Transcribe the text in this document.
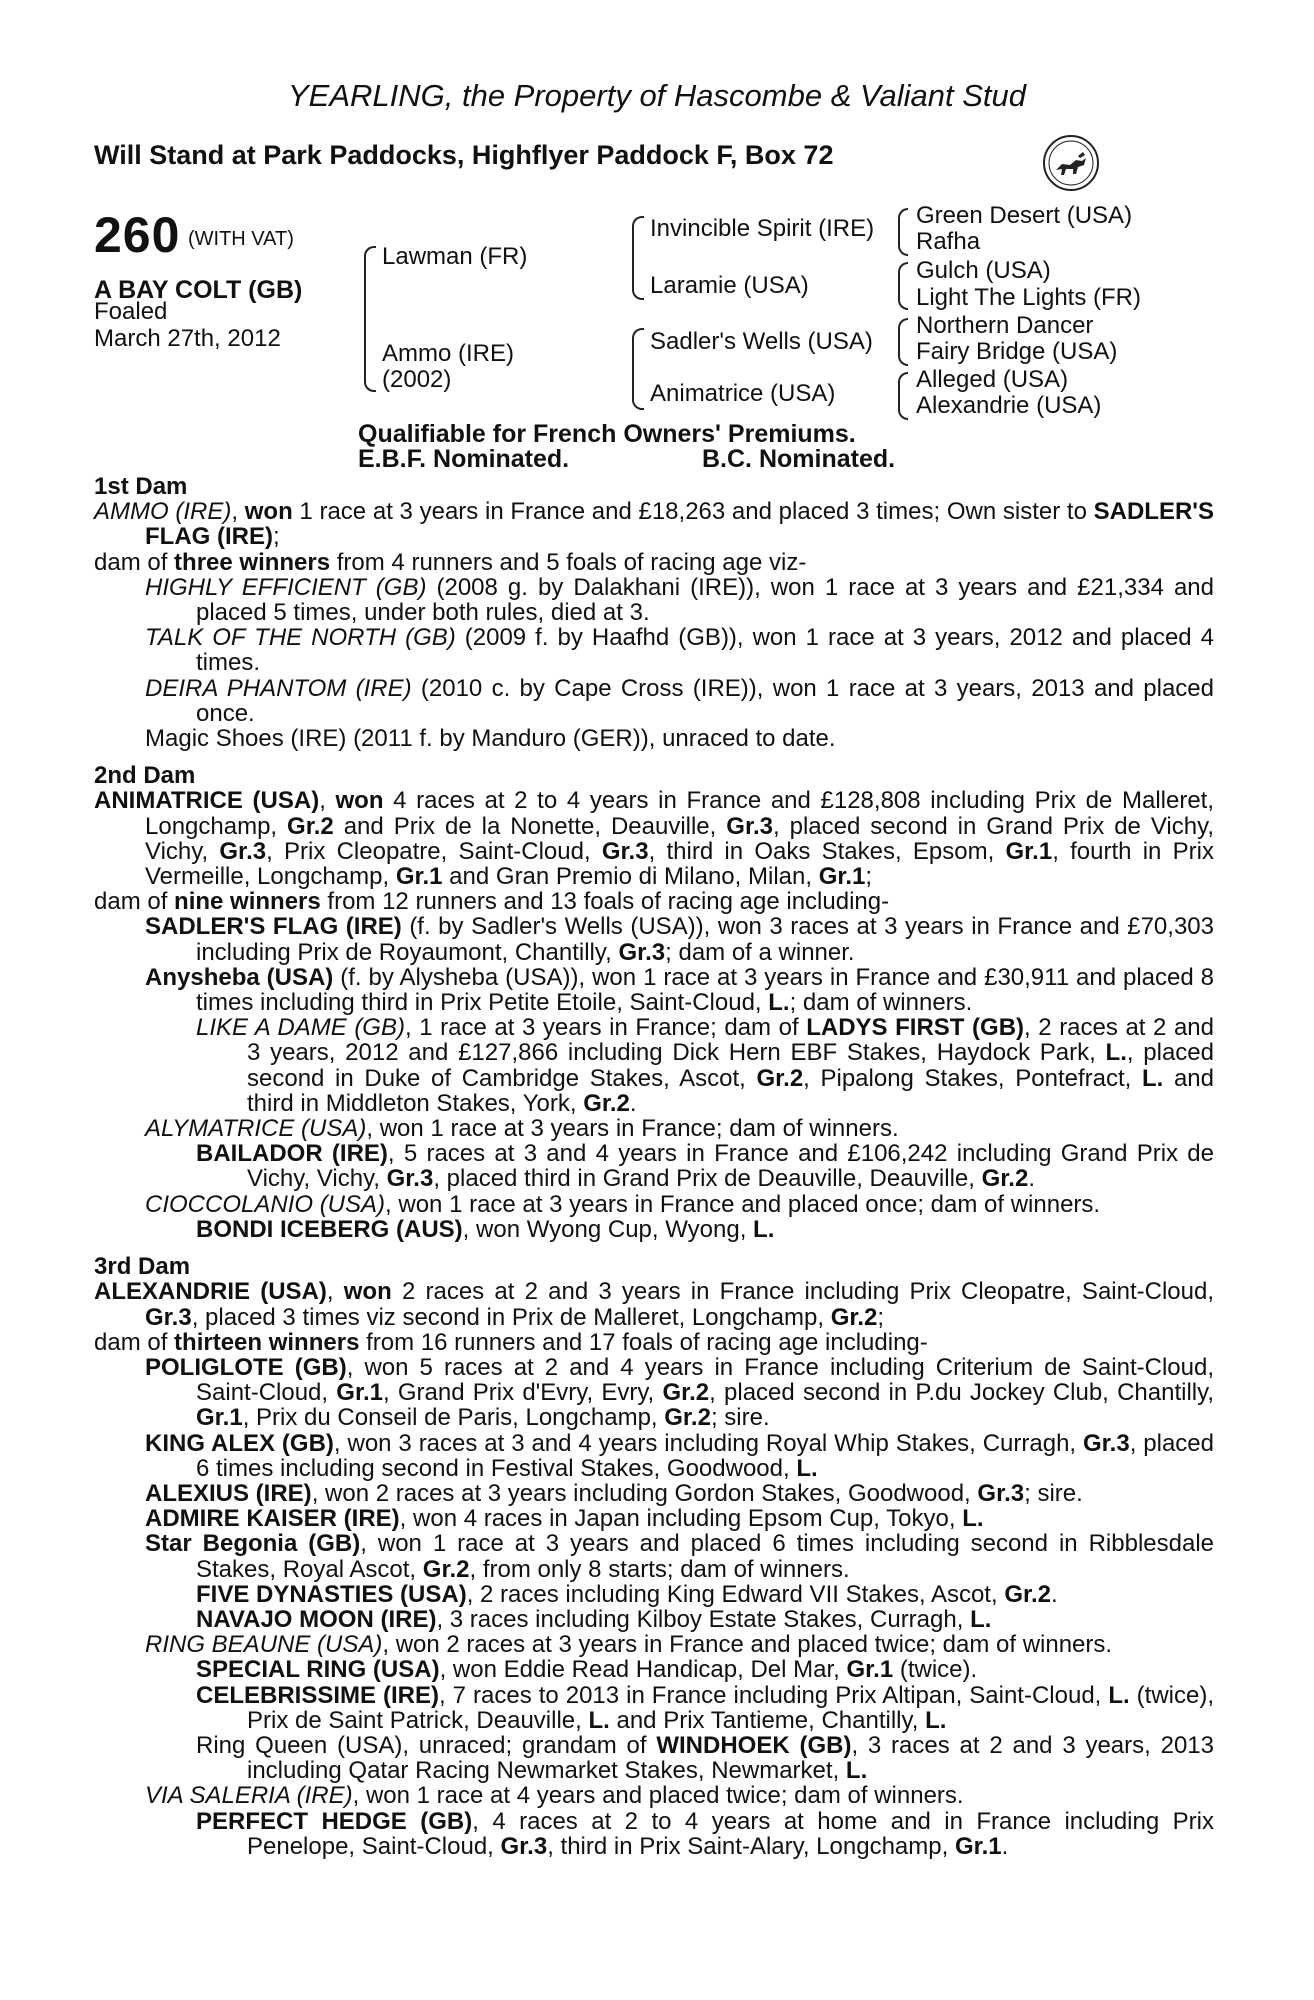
YEARLING, the Property of Hascombe & Valiant Stud
Will Stand at Park Paddocks, Highflyer Paddock F, Box 72
260 (WITH VAT)
A BAY COLT (GB)
Foaled
March 27th, 2012
Lawman (FR)
Ammo (IRE)
(2002)
Invincible Spirit (IRE)
Laramie (USA)
Sadler's Wells (USA)
Animatrice (USA)
Green Desert (USA)
Rafha
Gulch (USA)
Light The Lights (FR)
Northern Dancer
Fairy Bridge (USA)
Alleged (USA)
Alexandrie (USA)
Qualifiable for French Owners' Premiums.
E.B.F. Nominated.	B.C. Nominated.
1st Dam
AMMO (IRE), won 1 race at 3 years in France and £18,263 and placed 3 times; Own sister to SADLER'S FLAG (IRE);
dam of three winners from 4 runners and 5 foals of racing age viz-
HIGHLY EFFICIENT (GB) (2008 g. by Dalakhani (IRE)), won 1 race at 3 years and £21,334 and placed 5 times, under both rules, died at 3.
TALK OF THE NORTH (GB) (2009 f. by Haafhd (GB)), won 1 race at 3 years, 2012 and placed 4 times.
DEIRA PHANTOM (IRE) (2010 c. by Cape Cross (IRE)), won 1 race at 3 years, 2013 and placed once.
Magic Shoes (IRE) (2011 f. by Manduro (GER)), unraced to date.
2nd Dam
ANIMATRICE (USA), won 4 races at 2 to 4 years in France and £128,808 including Prix de Malleret, Longchamp, Gr.2 and Prix de la Nonette, Deauville, Gr.3, placed second in Grand Prix de Vichy, Vichy, Gr.3, Prix Cleopatre, Saint-Cloud, Gr.3, third in Oaks Stakes, Epsom, Gr.1, fourth in Prix Vermeille, Longchamp, Gr.1 and Gran Premio di Milano, Milan, Gr.1;
dam of nine winners from 12 runners and 13 foals of racing age including-
SADLER'S FLAG (IRE) (f. by Sadler's Wells (USA)), won 3 races at 3 years in France and £70,303 including Prix de Royaumont, Chantilly, Gr.3; dam of a winner.
Anysheba (USA) (f. by Alysheba (USA)), won 1 race at 3 years in France and £30,911 and placed 8 times including third in Prix Petite Etoile, Saint-Cloud, L.; dam of winners.
LIKE A DAME (GB), 1 race at 3 years in France; dam of LADYS FIRST (GB), 2 races at 2 and 3 years, 2012 and £127,866 including Dick Hern EBF Stakes, Haydock Park, L., placed second in Duke of Cambridge Stakes, Ascot, Gr.2, Pipalong Stakes, Pontefract, L. and third in Middleton Stakes, York, Gr.2.
ALYMATRICE (USA), won 1 race at 3 years in France; dam of winners.
BAILADOR (IRE), 5 races at 3 and 4 years in France and £106,242 including Grand Prix de Vichy, Vichy, Gr.3, placed third in Grand Prix de Deauville, Deauville, Gr.2.
CIOCCOLANIO (USA), won 1 race at 3 years in France and placed once; dam of winners.
BONDI ICEBERG (AUS), won Wyong Cup, Wyong, L.
3rd Dam
ALEXANDRIE (USA), won 2 races at 2 and 3 years in France including Prix Cleopatre, Saint-Cloud, Gr.3, placed 3 times viz second in Prix de Malleret, Longchamp, Gr.2;
dam of thirteen winners from 16 runners and 17 foals of racing age including-
POLIGLOTE (GB), won 5 races at 2 and 4 years in France including Criterium de Saint-Cloud, Saint-Cloud, Gr.1, Grand Prix d'Evry, Evry, Gr.2, placed second in P.du Jockey Club, Chantilly, Gr.1, Prix du Conseil de Paris, Longchamp, Gr.2; sire.
KING ALEX (GB), won 3 races at 3 and 4 years including Royal Whip Stakes, Curragh, Gr.3, placed 6 times including second in Festival Stakes, Goodwood, L.
ALEXIUS (IRE), won 2 races at 3 years including Gordon Stakes, Goodwood, Gr.3; sire.
ADMIRE KAISER (IRE), won 4 races in Japan including Epsom Cup, Tokyo, L.
Star Begonia (GB), won 1 race at 3 years and placed 6 times including second in Ribblesdale Stakes, Royal Ascot, Gr.2, from only 8 starts; dam of winners.
FIVE DYNASTIES (USA), 2 races including King Edward VII Stakes, Ascot, Gr.2.
NAVAJO MOON (IRE), 3 races including Kilboy Estate Stakes, Curragh, L.
RING BEAUNE (USA), won 2 races at 3 years in France and placed twice; dam of winners.
SPECIAL RING (USA), won Eddie Read Handicap, Del Mar, Gr.1 (twice).
CELEBRISSIME (IRE), 7 races to 2013 in France including Prix Altipan, Saint-Cloud, L. (twice), Prix de Saint Patrick, Deauville, L. and Prix Tantieme, Chantilly, L.
Ring Queen (USA), unraced; grandam of WINDHOEK (GB), 3 races at 2 and 3 years, 2013 including Qatar Racing Newmarket Stakes, Newmarket, L.
VIA SALERIA (IRE), won 1 race at 4 years and placed twice; dam of winners.
PERFECT HEDGE (GB), 4 races at 2 to 4 years at home and in France including Prix Penelope, Saint-Cloud, Gr.3, third in Prix Saint-Alary, Longchamp, Gr.1.
